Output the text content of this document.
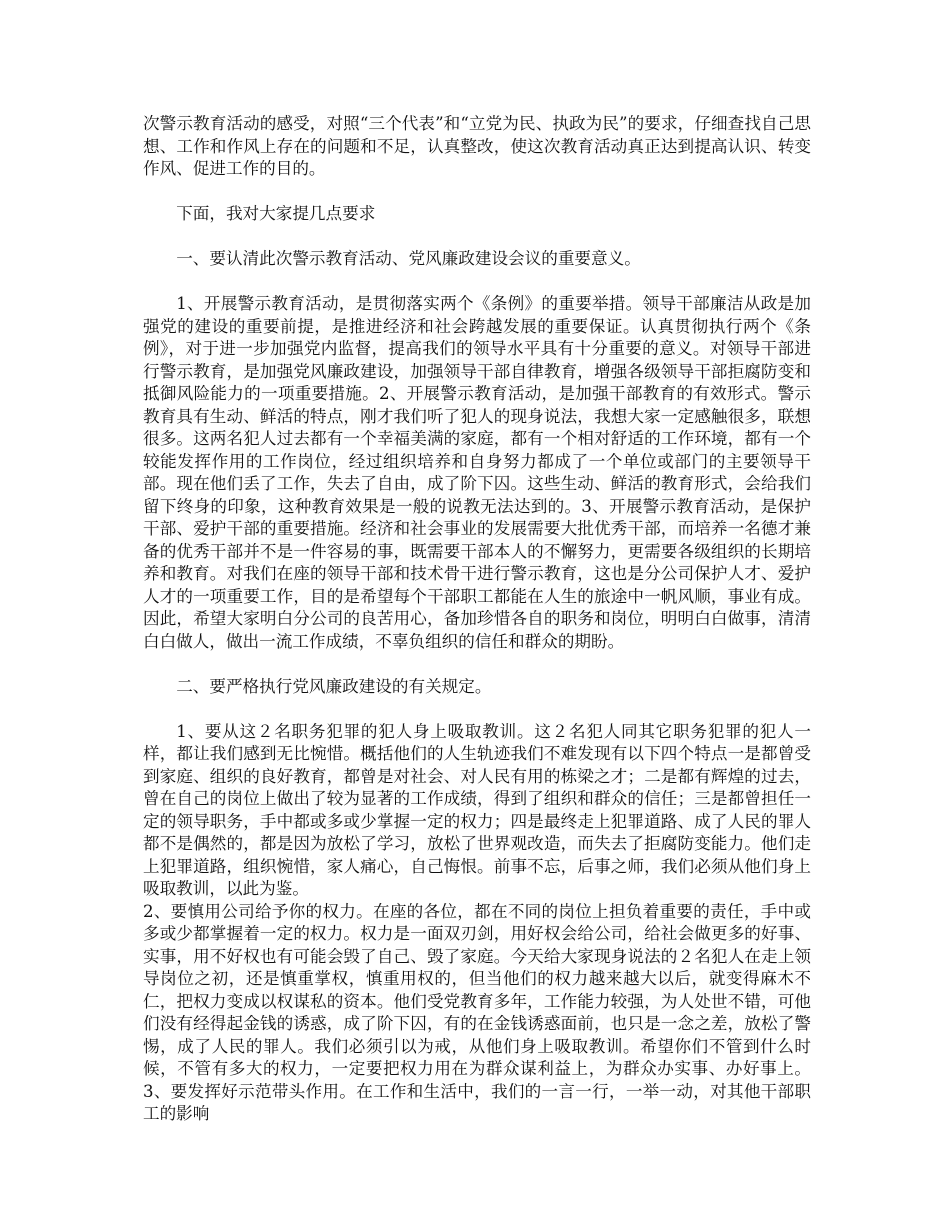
次警示教育活动的感受，对照“三个代表”和“立党为民、执政为民”的要求，仔细查找自己思想、工作和作风上存在的问题和不足，认真整改，使这次教育活动真正达到提高认识、转变作风、促进工作的目的。

下面，我对大家提几点要求

一、要认清此次警示教育活动、党风廉政建设会议的重要意义。

1、开展警示教育活动，是贯彻落实两个《条例》的重要举措。领导干部廉洁从政是加强党的建设的重要前提，是推进经济和社会跨越发展的重要保证。认真贯彻执行两个《条例》，对于进一步加强党内监督，提高我们的领导水平具有十分重要的意义。对领导干部进行警示教育，是加强党风廉政建设，加强领导干部自律教育，增强各级领导干部拒腐防变和抵御风险能力的一项重要措施。2、开展警示教育活动，是加强干部教育的有效形式。警示教育具有生动、鲜活的特点，刚才我们听了犯人的现身说法，我想大家一定感触很多，联想很多。这两名犯人过去都有一个幸福美满的家庭，都有一个相对舒适的工作环境，都有一个较能发挥作用的工作岗位，经过组织培养和自身努力都成了一个单位或部门的主要领导干部。现在他们丢了工作，失去了自由，成了阶下囚。这些生动、鲜活的教育形式，会给我们留下终身的印象，这种教育效果是一般的说教无法达到的。3、开展警示教育活动，是保护干部、爱护干部的重要措施。经济和社会事业的发展需要大批优秀干部，而培养一名德才兼备的优秀干部并不是一件容易的事，既需要干部本人的不懈努力，更需要各级组织的长期培养和教育。对我们在座的领导干部和技术骨干进行警示教育，这也是分公司保护人才、爱护人才的一项重要工作，目的是希望每个干部职工都能在人生的旅途中一帆风顺，事业有成。因此，希望大家明白分公司的良苦用心，备加珍惜各自的职务和岗位，明明白白做事，清清白白做人，做出一流工作成绩，不辜负组织的信任和群众的期盼。

二、要严格执行党风廉政建设的有关规定。

1、要从这２名职务犯罪的犯人身上吸取教训。这２名犯人同其它职务犯罪的犯人一样，都让我们感到无比惋惜。概括他们的人生轨迹我们不难发现有以下四个特点一是都曾受到家庭、组织的良好教育，都曾是对社会、对人民有用的栋梁之才；二是都有辉煌的过去，曾在自己的岗位上做出了较为显著的工作成绩，得到了组织和群众的信任；三是都曾担任一定的领导职务，手中都或多或少掌握一定的权力；四是最终走上犯罪道路、成了人民的罪人都不是偶然的，都是因为放松了学习，放松了世界观改造，而失去了拒腐防变能力。他们走上犯罪道路，组织惋惜，家人痛心，自己悔恨。前事不忘，后事之师，我们必须从他们身上吸取教训，以此为鉴。

2、要慎用公司给予你的权力。在座的各位，都在不同的岗位上担负着重要的责任，手中或多或少都掌握着一定的权力。权力是一面双刃剑，用好权会给公司，给社会做更多的好事、实事，用不好权也有可能会毁了自己、毁了家庭。今天给大家现身说法的２名犯人在走上领导岗位之初，还是慎重掌权，慎重用权的，但当他们的权力越来越大以后，就变得麻木不仁，把权力变成以权谋私的资本。他们受党教育多年，工作能力较强，为人处世不错，可他们没有经得起金钱的诱惑，成了阶下囚，有的在金钱诱惑面前，也只是一念之差，放松了警惕，成了人民的罪人。我们必须引以为戒，从他们身上吸取教训。希望你们不管到什么时候，不管有多大的权力，一定要把权力用在为群众谋利益上，为群众办实事、办好事上。3、要发挥好示范带头作用。在工作和生活中，我们的一言一行，一举一动，对其他干部职工的影响
